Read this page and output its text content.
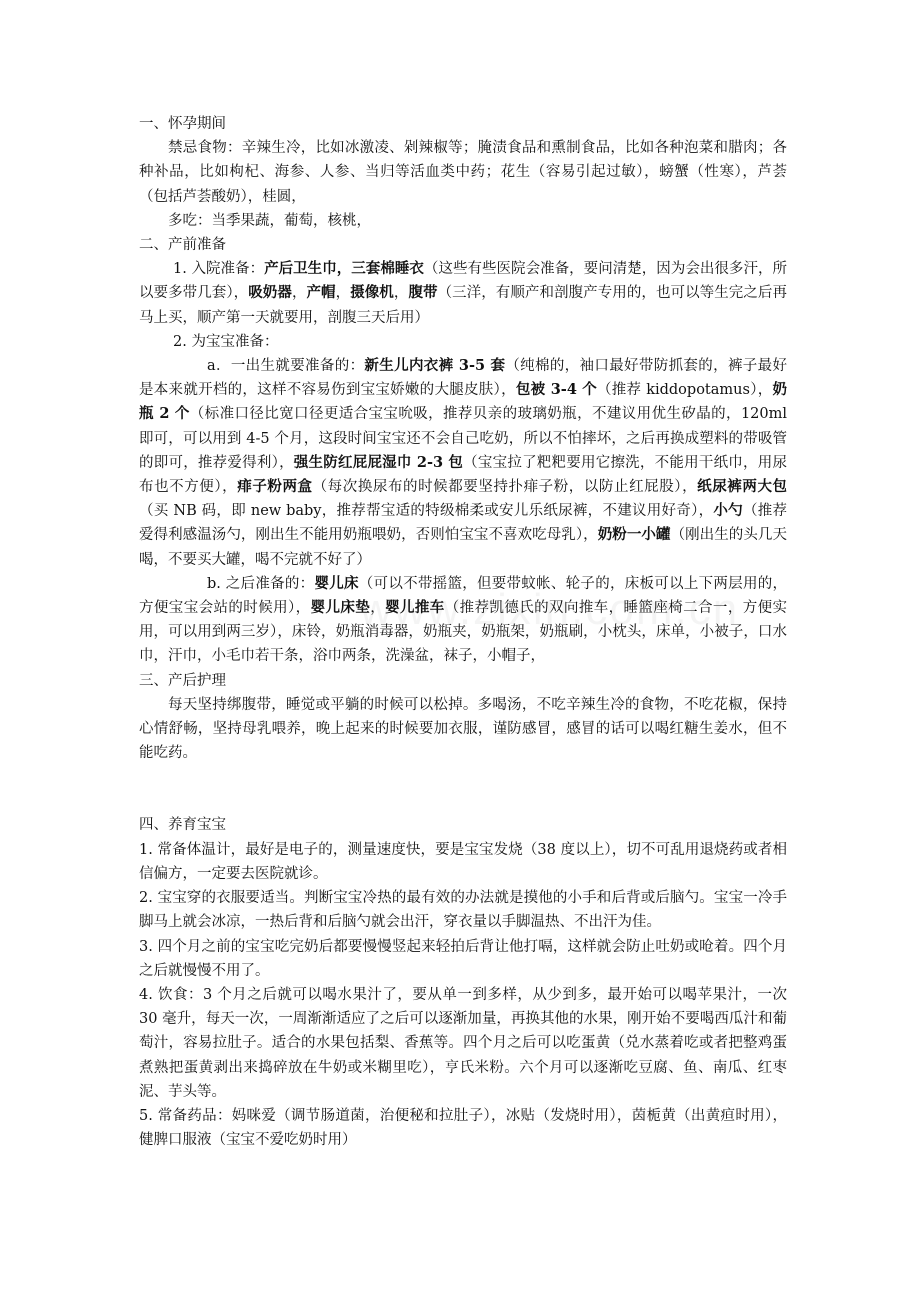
一、怀孕期间

禁忌食物：辛辣生冷，比如冰激凌、剁辣椒等；腌渍食品和熏制食品，比如各种泡菜和腊肉；各种补品，比如枸杞、海参、人参、当归等活血类中药；花生（容易引起过敏），螃蟹（性寒），芦荟（包括芦荟酸奶），桂圆，

多吃：当季果蔬，葡萄，核桃，

二、产前准备

1. 入院准备：产后卫生巾，三套棉睡衣（这些有些医院会准备，要问清楚，因为会出很多汗，所以要多带几套），吸奶器，产帽，摄像机，腹带（三洋，有顺产和剖腹产专用的，也可以等生完之后再马上买，顺产第一天就要用，剖腹三天后用）

2. 为宝宝准备：

a．一出生就要准备的：新生儿内衣裤 3-5 套（纯棉的，袖口最好带防抓套的，裤子最好是本来就开档的，这样不容易伤到宝宝娇嫩的大腿皮肤），包被 3-4 个（推荐 kiddopotamus），奶瓶 2 个（标准口径比宽口径更适合宝宝吮吸，推荐贝亲的玻璃奶瓶，不建议用优生矽晶的，120ml 即可，可以用到 4-5 个月，这段时间宝宝还不会自己吃奶，所以不怕摔坏，之后再换成塑料的带吸管的即可，推荐爱得利），强生防红屁屁湿巾 2-3 包（宝宝拉了粑粑要用它擦洗，不能用干纸巾，用尿布也不方便），痱子粉两盒（每次换尿布的时候都要坚持扑痱子粉，以防止红屁股），纸尿裤两大包（买 NB 码，即 new baby，推荐帮宝适的特级棉柔或安儿乐纸尿裤，不建议用好奇），小勺（推荐爱得利感温汤勺，刚出生不能用奶瓶喂奶，否则怕宝宝不喜欢吃母乳），奶粉一小罐（刚出生的头几天喝，不要买大罐，喝不完就不好了）

b. 之后准备的：婴儿床（可以不带摇篮，但要带蚊帐、轮子的，床板可以上下两层用的，方便宝宝会站的时候用），婴儿床垫，婴儿推车（推荐凯德氏的双向推车，睡篮座椅二合一，方便实用，可以用到两三岁），床铃，奶瓶消毒器，奶瓶夹，奶瓶架，奶瓶刷，小枕头，床单，小被子，口水巾，汗巾，小毛巾若干条，浴巾两条，洗澡盆，袜子，小帽子，

三、产后护理

每天坚持绑腹带，睡觉或平躺的时候可以松掉。多喝汤，不吃辛辣生冷的食物，不吃花椒，保持心情舒畅，坚持母乳喂养，晚上起来的时候要加衣服，谨防感冒，感冒的话可以喝红糖生姜水，但不能吃药。

四、养育宝宝

1. 常备体温计，最好是电子的，测量速度快，要是宝宝发烧（38 度以上），切不可乱用退烧药或者相信偏方，一定要去医院就诊。

2. 宝宝穿的衣服要适当。判断宝宝冷热的最有效的办法就是摸他的小手和后背或后脑勺。宝宝一冷手脚马上就会冰凉，一热后背和后脑勺就会出汗，穿衣量以手脚温热、不出汗为佳。

3. 四个月之前的宝宝吃完奶后都要慢慢竖起来轻拍后背让他打嗝，这样就会防止吐奶或呛着。四个月之后就慢慢不用了。

4. 饮食：3 个月之后就可以喝水果汁了，要从单一到多样，从少到多，最开始可以喝苹果汁，一次 30 毫升，每天一次，一周渐渐适应了之后可以逐渐加量，再换其他的水果，刚开始不要喝西瓜汁和葡萄汁，容易拉肚子。适合的水果包括梨、香蕉等。四个月之后可以吃蛋黄（兑水蒸着吃或者把整鸡蛋煮熟把蛋黄剥出来捣碎放在牛奶或米糊里吃），亨氏米粉。六个月可以逐渐吃豆腐、鱼、南瓜、红枣泥、芋头等。

5. 常备药品：妈咪爱（调节肠道菌，治便秘和拉肚子），冰贴（发烧时用），茵栀黄（出黄疸时用），健脾口服液（宝宝不爱吃奶时用）
